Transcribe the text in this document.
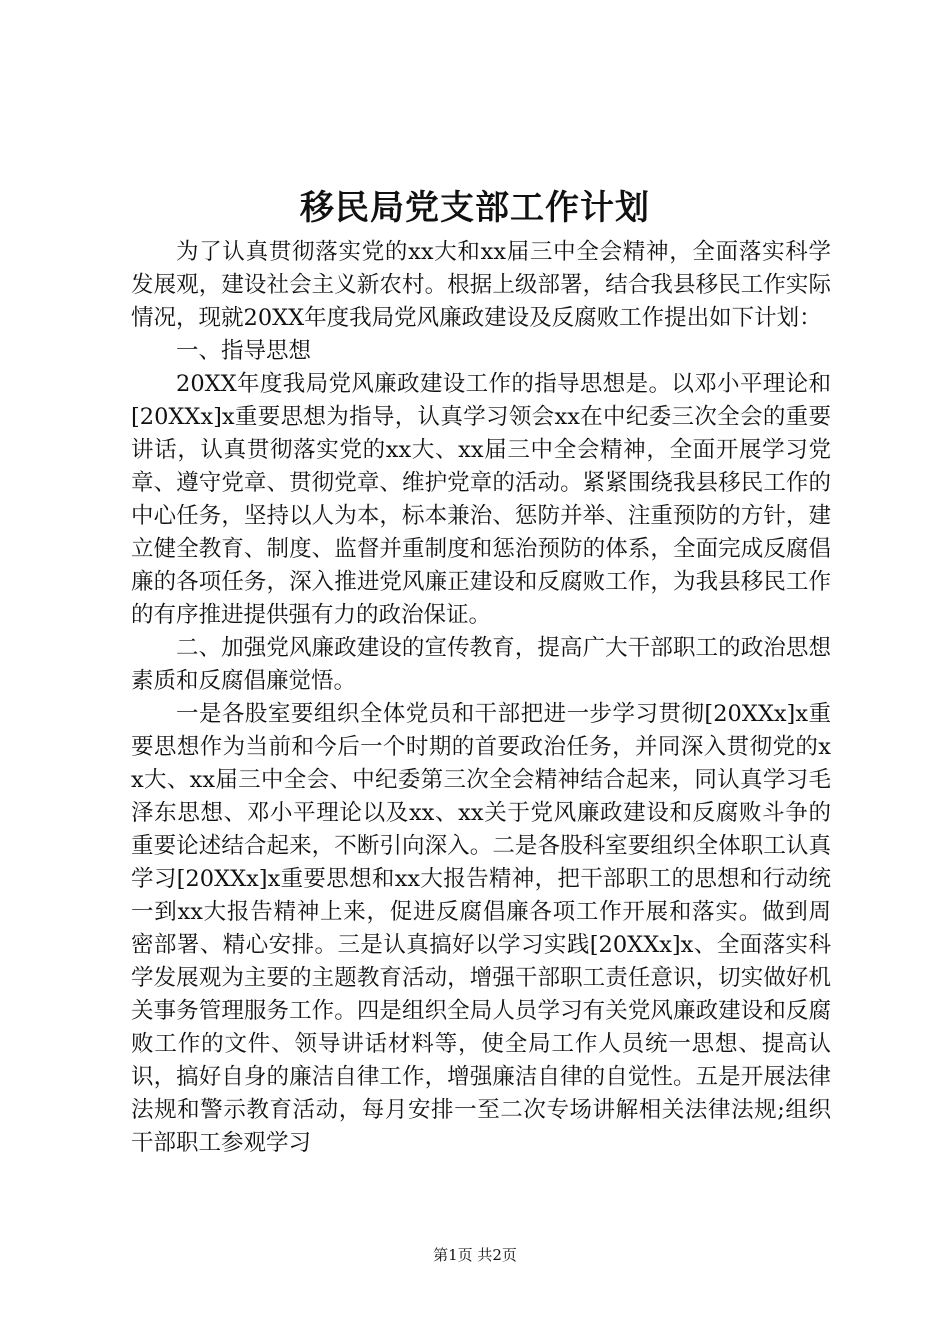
移民局党支部工作计划

为了认真贯彻落实党的xx大和xx届三中全会精神，全面落实科学发展观，建设社会主义新农村。根据上级部署，结合我县移民工作实际情况，现就20XX年度我局党风廉政建设及反腐败工作提出如下计划：

一、指导思想

20XX年度我局党风廉政建设工作的指导思想是。以邓小平理论和[20XXx]x重要思想为指导，认真学习领会xx在中纪委三次全会的重要讲话，认真贯彻落实党的xx大、xx届三中全会精神，全面开展学习党章、遵守党章、贯彻党章、维护党章的活动。紧紧围绕我县移民工作的中心任务，坚持以人为本，标本兼治、惩防并举、注重预防的方针，建立健全教育、制度、监督并重制度和惩治预防的体系，全面完成反腐倡廉的各项任务，深入推进党风廉正建设和反腐败工作，为我县移民工作的有序推进提供强有力的政治保证。

二、加强党风廉政建设的宣传教育，提高广大干部职工的政治思想素质和反腐倡廉觉悟。

一是各股室要组织全体党员和干部把进一步学习贯彻[20XXx]x重要思想作为当前和今后一个时期的首要政治任务，并同深入贯彻党的xx大、xx届三中全会、中纪委第三次全会精神结合起来，同认真学习毛泽东思想、邓小平理论以及xx、xx关于党风廉政建设和反腐败斗争的重要论述结合起来，不断引向深入。二是各股科室要组织全体职工认真学习[20XXx]x重要思想和xx大报告精神，把干部职工的思想和行动统一到xx大报告精神上来，促进反腐倡廉各项工作开展和落实。做到周密部署、精心安排。三是认真搞好以学习实践[20XXx]x、全面落实科学发展观为主要的主题教育活动，增强干部职工责任意识，切实做好机关事务管理服务工作。四是组织全局人员学习有关党风廉政建设和反腐败工作的文件、领导讲话材料等，使全局工作人员统一思想、提高认识，搞好自身的廉洁自律工作，增强廉洁自律的自觉性。五是开展法律法规和警示教育活动，每月安排一至二次专场讲解相关法律法规;组织干部职工参观学习

第1页 共2页
